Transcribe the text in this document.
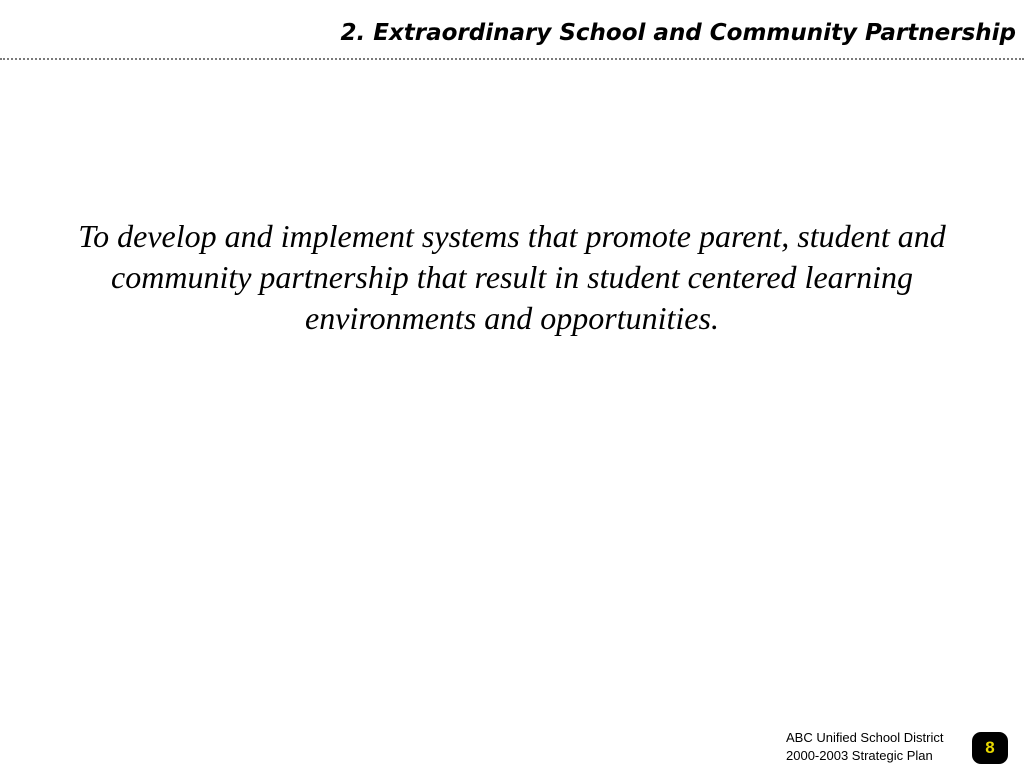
2. Extraordinary School and Community Partnership

To develop and implement systems that promote parent, student and community partnership that result in student centered learning environments and opportunities.

ABC Unified School District
2000-2003 Strategic Plan	8
